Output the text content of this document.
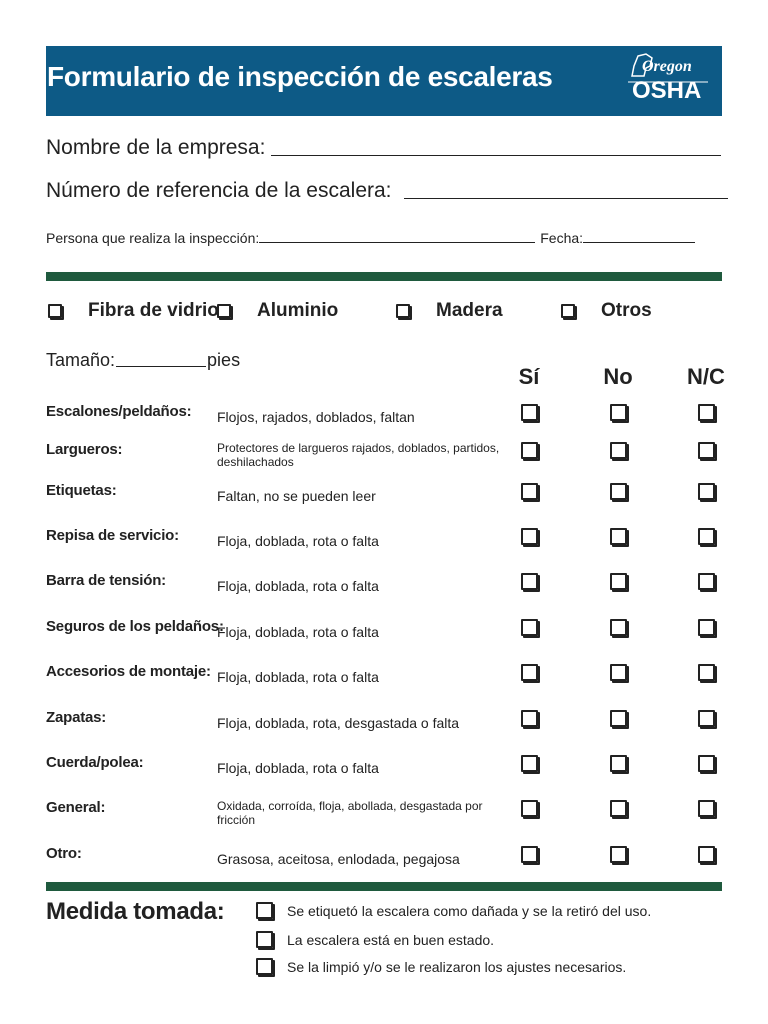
Formulario de inspección de escaleras	Oregon
OSHA
Nombre de la empresa:
Número de referencia de la escalera:
Persona que realiza la inspección:	Fecha:
Fibra de vidrio Aluminio	Madera	Otros
Tamaño:	pies
Sí	No	N/C
Escalones/peldaños: Flojos, rajados, doblados, faltan
Largueros:	Protectores de largueros rajados, doblados, partidos, deshilachados
Etiquetas:	Faltan, no se pueden leer
Repisa de servicio:	Floja, doblada, rota o falta
Barra de tensión:	Floja, doblada, rota o falta
Seguros de los peldaños:
Floja, doblada, rota o falta
Accesorios de montaje: Floja, doblada, rota o falta
Zapatas:	Floja, doblada, rota, desgastada o falta
Cuerda/polea:	Floja, doblada, rota o falta
General:	Oxidada, corroída, floja, abollada, desgastada por fricción
Otro:	Grasosa, aceitosa, enlodada, pegajosa
Medida tomada:	Se etiquetó la escalera como dañada y se la retiró del uso.
La escalera está en buen estado.
Se la limpió y/o se le realizaron los ajustes necesarios.
